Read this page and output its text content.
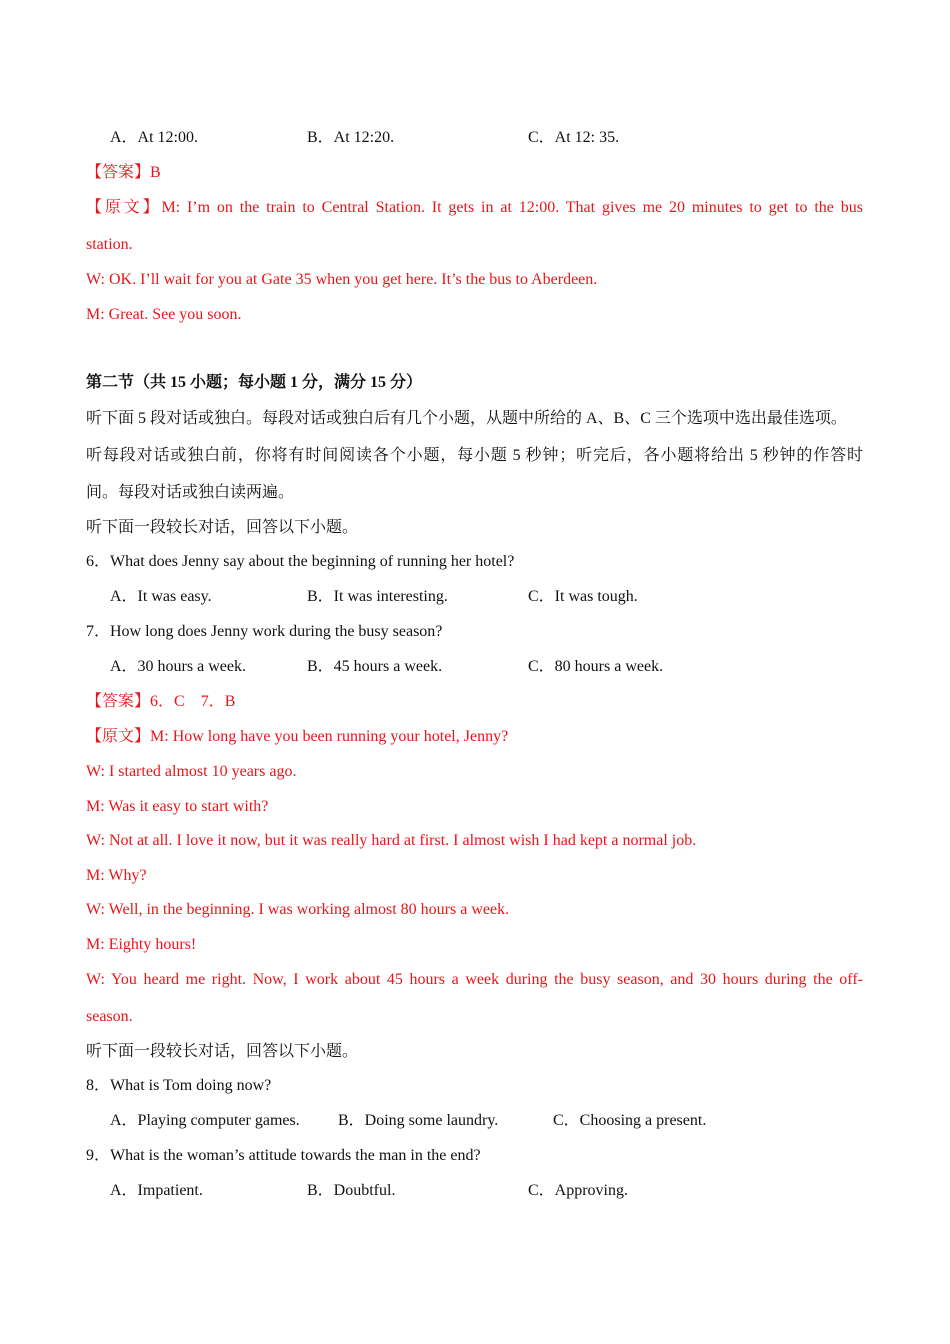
A．At 12:00.	B．At 12:20.	C．At 12: 35.
【答案】B
【原文】M: I’m on the train to Central Station. It gets in at 12:00. That gives me 20 minutes to get to the bus
station.
W: OK. I’ll wait for you at Gate 35 when you get here. It’s the bus to Aberdeen.
M: Great. See you soon.
第二节（共 15 小题；每小题 1 分，满分 15 分）
听下面 5 段对话或独白。每段对话或独白后有几个小题，从题中所给的 A、B、C 三个选项中选出最佳选项。
听每段对话或独白前，你将有时间阅读各个小题，每小题 5 秒钟；听完后，各小题将给出 5 秒钟的作答时
间。每段对话或独白读两遍。
听下面一段较长对话，回答以下小题。
6．What does Jenny say about the beginning of running her hotel?
A．It was easy.	B．It was interesting.	C．It was tough.
7．How long does Jenny work during the busy season?
A．30 hours a week.	B．45 hours a week.	C．80 hours a week.
【答案】6．C　7．B
【原文】M: How long have you been running your hotel, Jenny?
W: I started almost 10 years ago.
M: Was it easy to start with?
W: Not at all. I love it now, but it was really hard at first. I almost wish I had kept a normal job.
M: Why?
W: Well, in the beginning. I was working almost 80 hours a week.
M: Eighty hours!
W: You heard me right. Now, I work about 45 hours a week during the busy season, and 30 hours during the off-
season.
听下面一段较长对话，回答以下小题。
8．What is Tom doing now?
A．Playing computer games. B．Doing some laundry.	C．Choosing a present.
9．What is the woman’s attitude towards the man in the end?
A．Impatient.	B．Doubtful.	C．Approving.
